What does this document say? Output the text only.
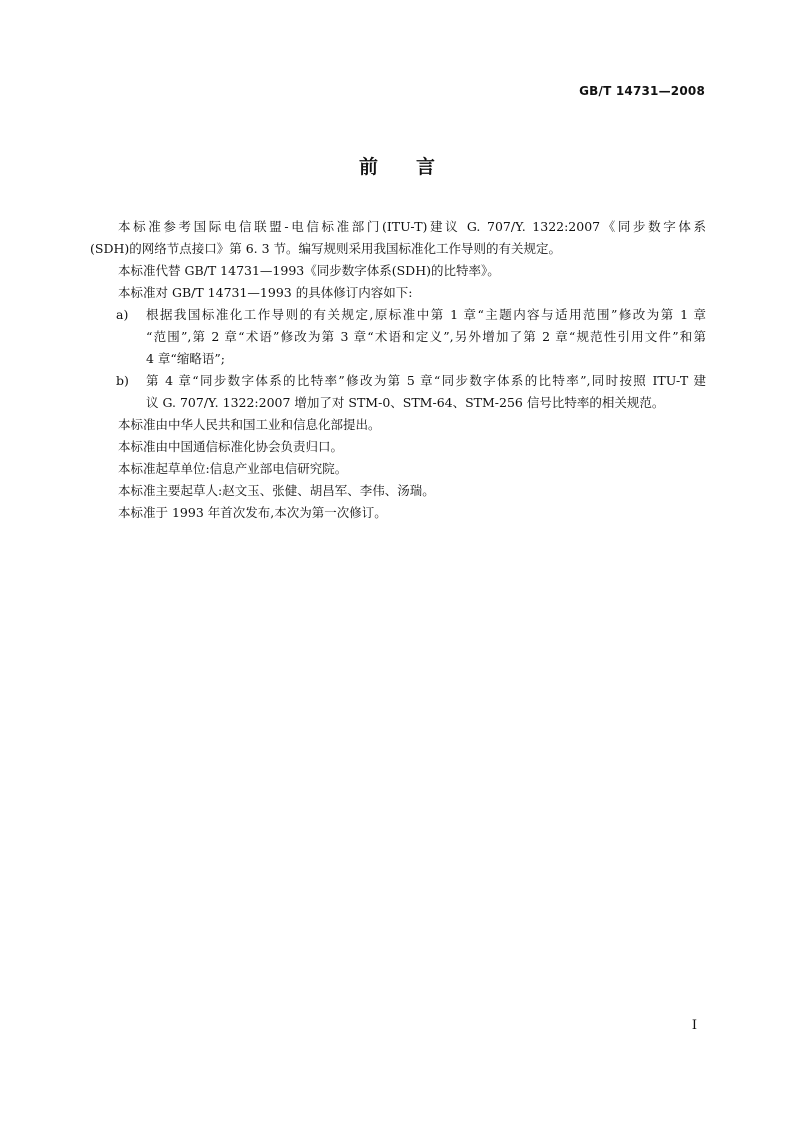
GB/T 14731—2008
前 言
本标准参考国际电信联盟-电信标准部门(ITU-T)建议 G. 707/Y. 1322:2007《同步数字体系
(SDH)的网络节点接口》第 6. 3 节。编写规则采用我国标准化工作导则的有关规定。
本标准代替 GB/T 14731—1993《同步数字体系(SDH)的比特率》。
本标准对 GB/T 14731—1993 的具体修订内容如下:
a)	根据我国标准化工作导则的有关规定,原标准中第 1 章“主题内容与适用范围”修改为第 1 章
“范围”,第 2 章“术语”修改为第 3 章“术语和定义”,另外增加了第 2 章“规范性引用文件”和第
4 章“缩略语”;
b)	第 4 章“同步数字体系的比特率”修改为第 5 章“同步数字体系的比特率”,同时按照 ITU-T 建
议 G. 707/Y. 1322:2007 增加了对 STM-0、STM-64、STM-256 信号比特率的相关规范。
本标准由中华人民共和国工业和信息化部提出。
本标准由中国通信标准化协会负责归口。
本标准起草单位:信息产业部电信研究院。
本标准主要起草人:赵文玉、张健、胡昌军、李伟、汤瑞。
本标准于 1993 年首次发布,本次为第一次修订。
I
